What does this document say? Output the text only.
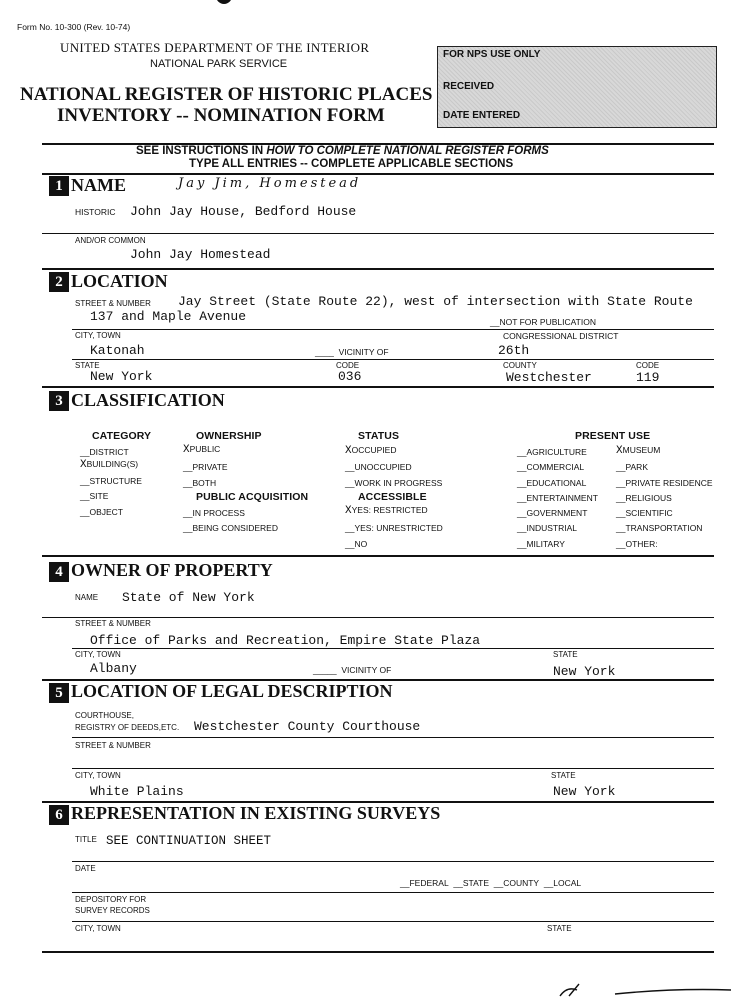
Form No. 10-300 (Rev. 10-74)
UNITED STATES DEPARTMENT OF THE INTERIOR
NATIONAL PARK SERVICE
NATIONAL REGISTER OF HISTORIC PLACES
INVENTORY -- NOMINATION FORM
FOR NPS USE ONLY
RECEIVED
DATE ENTERED
SEE INSTRUCTIONS IN HOW TO COMPLETE NATIONAL REGISTER FORMS
TYPE ALL ENTRIES -- COMPLETE APPLICABLE SECTIONS
1 NAME	Jay Jim, Homestead
HISTORIC John Jay House, Bedford House
AND/OR COMMON
John Jay Homestead
2 LOCATION
STREET & NUMBER Jay Street (State Route 22), west of intersection with State Route
137 and Maple Avenue	__NOT FOR PUBLICATION
CITY, TOWN	CONGRESSIONAL DISTRICT
Katonah	____  VICINITY OF	26th
STATE	CODE	COUNTY	CODE
New York	036	Westchester	119
3 CLASSIFICATION
CATEGORY
__DISTRICT
XBUILDING(S)
__STRUCTURE
__SITE
__OBJECT
OWNERSHIP
XPUBLIC
__PRIVATE
__BOTH
PUBLIC ACQUISITION
__IN PROCESS
__BEING CONSIDERED
STATUS
XOCCUPIED
__UNOCCUPIED
__WORK IN PROGRESS
ACCESSIBLE
XYES: RESTRICTED
__YES: UNRESTRICTED
__NO
PRESENT USE
__AGRICULTURE
__COMMERCIAL
__EDUCATIONAL
__ENTERTAINMENT
__GOVERNMENT
__INDUSTRIAL
__MILITARY
XMUSEUM
__PARK
__PRIVATE RESIDENCE
__RELIGIOUS
__SCIENTIFIC
__TRANSPORTATION
__OTHER:
4 OWNER OF PROPERTY
NAME State of New York
STREET & NUMBER
Office of Parks and Recreation, Empire State Plaza
CITY, TOWN	STATE
Albany	_____  VICINITY OF	New York
5 LOCATION OF LEGAL DESCRIPTION
COURTHOUSE,
REGISTRY OF DEEDS,ETC. Westchester County Courthouse
STREET & NUMBER
CITY, TOWN	STATE
White Plains	New York
6 REPRESENTATION IN EXISTING SURVEYS
TITLE SEE CONTINUATION SHEET
DATE
__FEDERAL  __STATE  __COUNTY  __LOCAL
DEPOSITORY FOR
SURVEY RECORDS
CITY, TOWN	STATE
